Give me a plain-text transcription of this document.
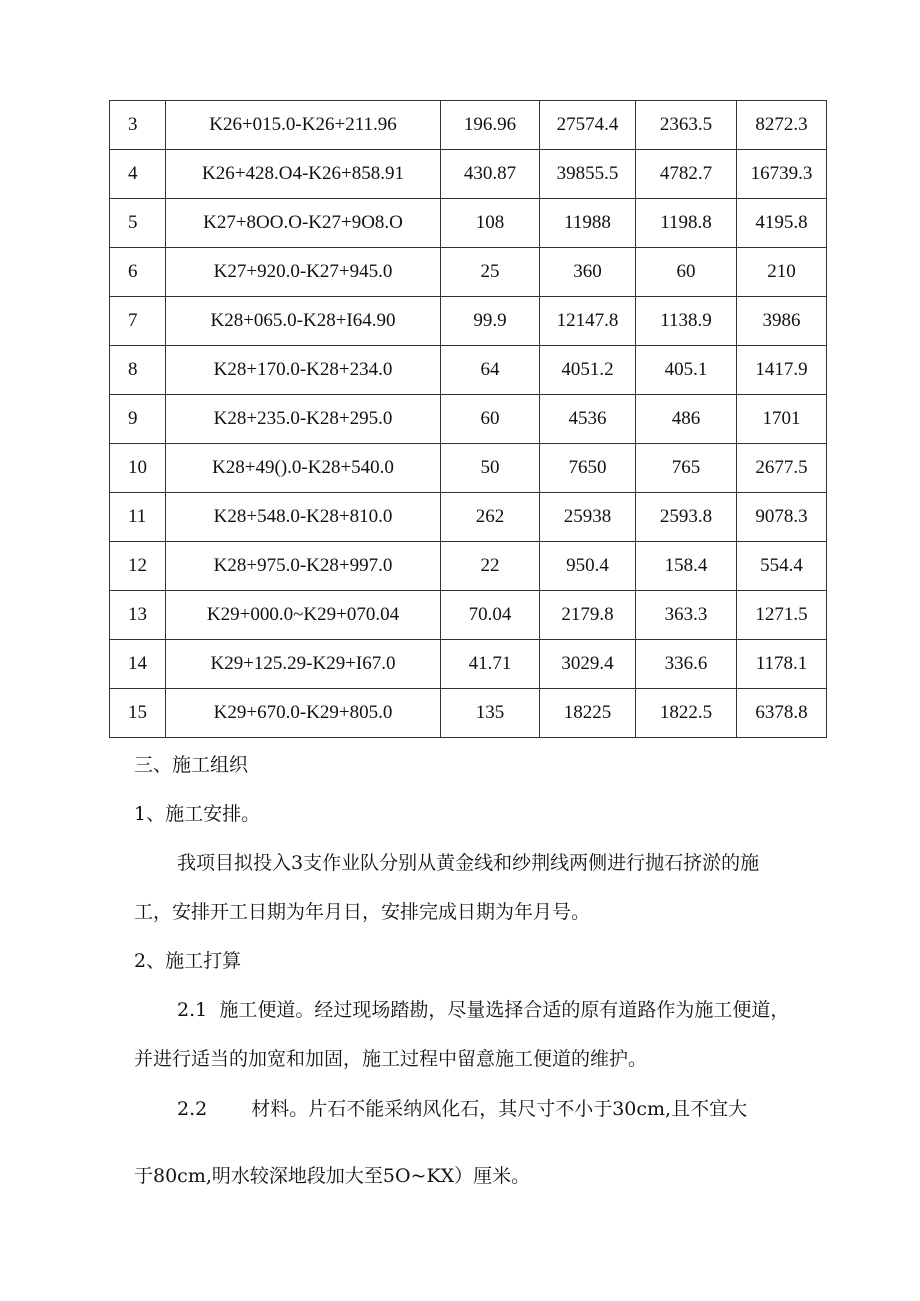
3	K26+015.0-K26+211.96	196.96	27574.4	2363.5	8272.3
4	K26+428.O4-K26+858.91	430.87	39855.5	4782.7	16739.3
5	K27+8OO.O-K27+9O8.O	108	11988	1198.8	4195.8
6	K27+920.0-K27+945.0	25	360	60	210
7	K28+065.0-K28+I64.90	99.9	12147.8	1138.9	3986
8	K28+170.0-K28+234.0	64	4051.2	405.1	1417.9
9	K28+235.0-K28+295.0	60	4536	486	1701
10	K28+49().0-K28+540.0	50	7650	765	2677.5
11	K28+548.0-K28+810.0	262	25938	2593.8	9078.3
12	K28+975.0-K28+997.0	22	950.4	158.4	554.4
13	K29+000.0~K29+070.04	70.04	2179.8	363.3	1271.5
14	K29+125.29-K29+I67.0	41.71	3029.4	336.6	1178.1
15	K29+670.0-K29+805.0	135	18225	1822.5	6378.8
三、施工组织
1、施工安排。
我项目拟投入3支作业队分别从黄金线和纱荆线两侧进行抛石挤淤的施
工，安排开工日期为年月日，安排完成日期为年月号。
2、施工打算
2.1 施工便道。经过现场踏勘，尽量选择合适的原有道路作为施工便道，
并进行适当的加宽和加固，施工过程中留意施工便道的维护。
2.2 材料。片石不能采纳风化石，其尺寸不小于30cm,且不宜大
于80cm,明水较深地段加大至5O~KX）厘米。
